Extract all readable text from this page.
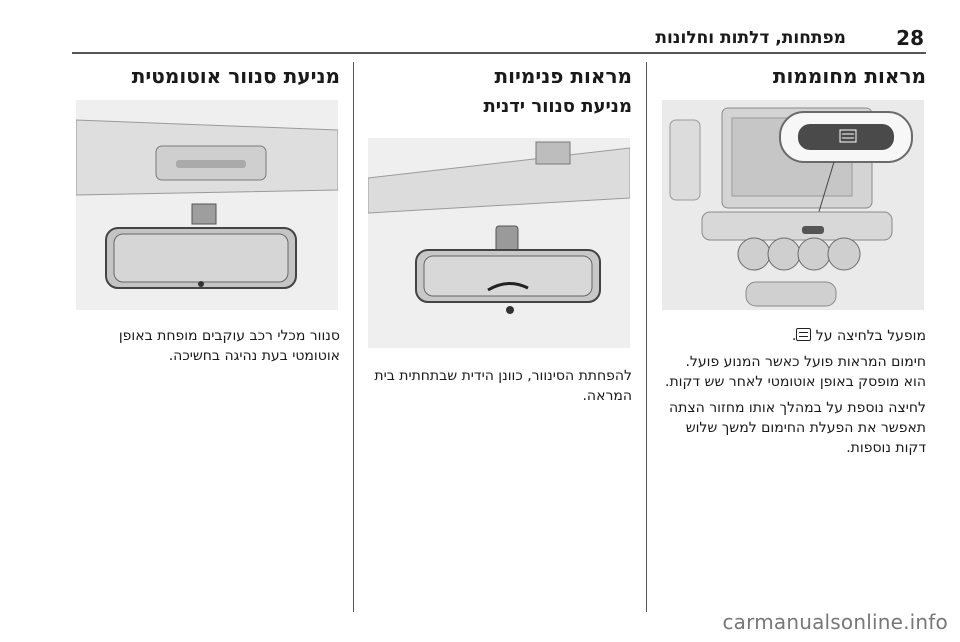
28
מפתחות, דלתות וחלונות
מראות מחוממות

מופעל בלחיצה על .

חימום המראות פועל כאשר המנוע פועל. הוא מופסק באופן אוטומטי לאחר שש דקות.

לחיצה נוספת על במהלך אותו מחזור הצתה תאפשר את הפעלת החימום למשך שלוש דקות נוספות.

מראות פנימיות
מניעת סנוור ידנית
להפחתת הסינוור, כוונן הידית שבתחתית בית המראה.
מניעת סנוור אוטומטית
סנוור מכלי רכב עוקבים מופחת באופן אוטומטי בעת נהיגה בחשיכה.
carmanualsonline.info
